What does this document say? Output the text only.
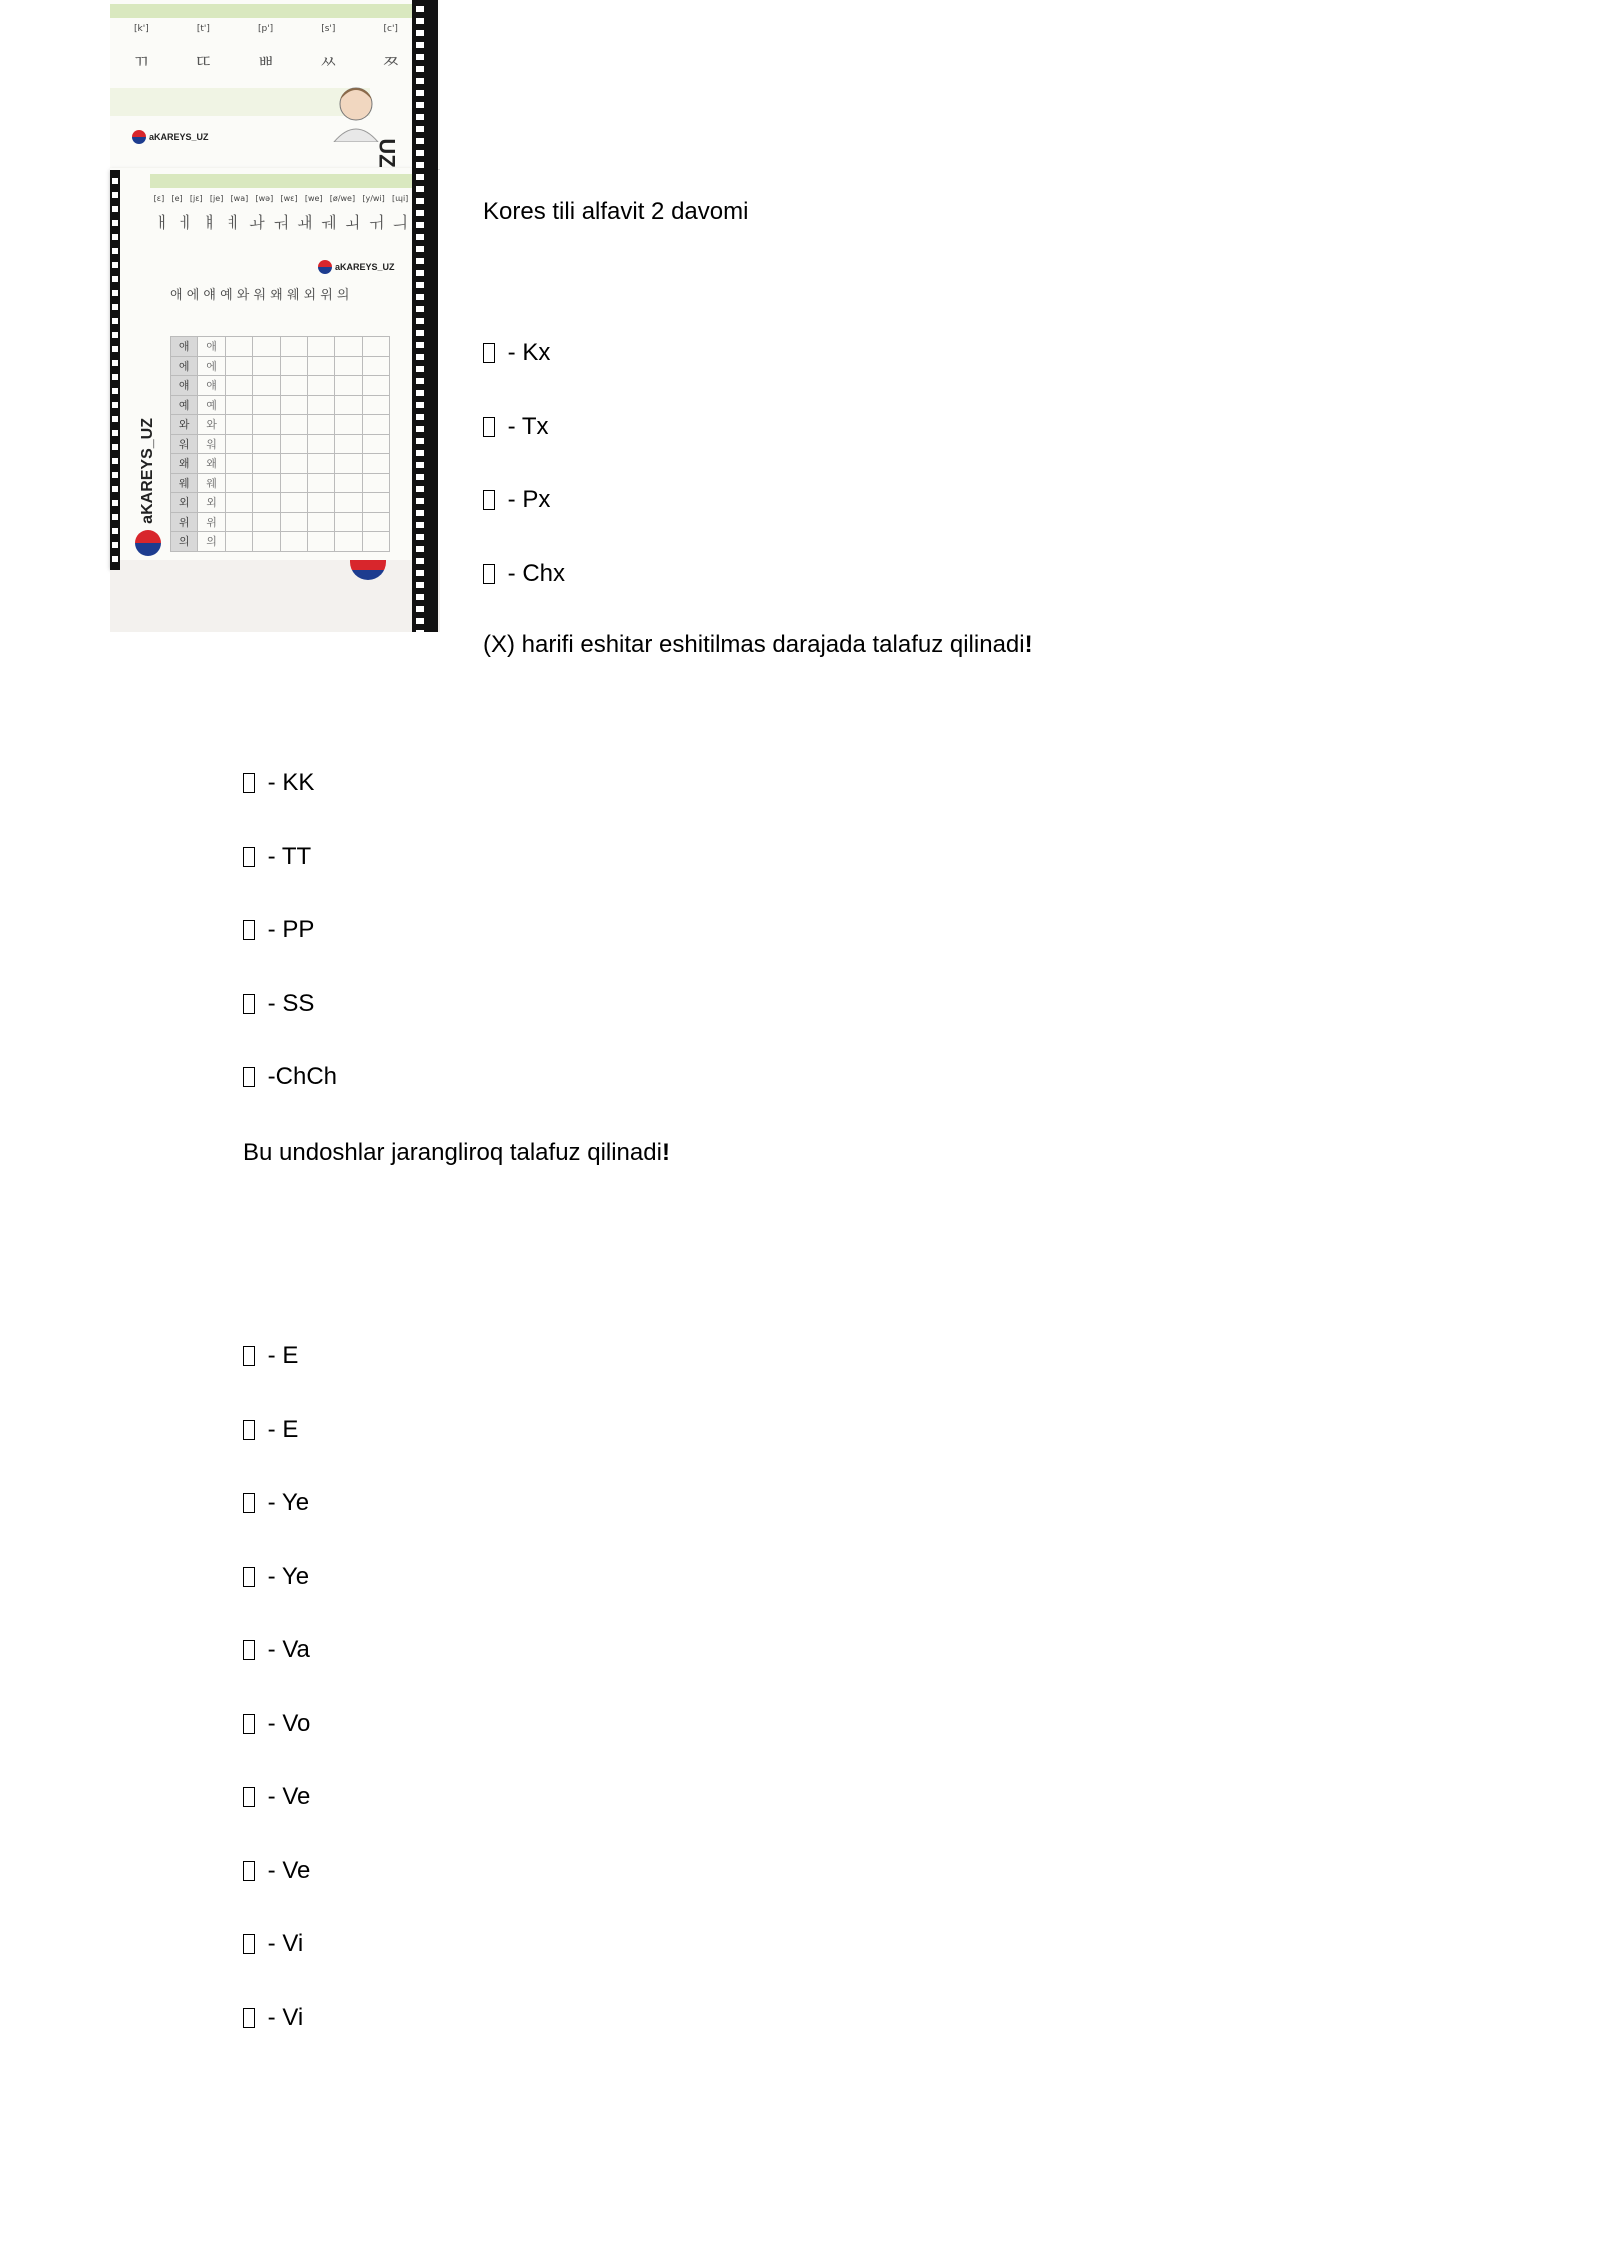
[k']	[t']	[p']	[s']	[c']
ㄲ	ㄸ	ㅃ	ㅆ	ㅉ
aKAREYS_UZ
UZ
[ɛ] [e] [jɛ] [je] [wa] [wə] [wɛ] [we] [ø/we] [y/wi] [ɰi]
ㅐ ㅔ ㅒ ㅖ ㅘ ㅝ ㅙ ㅞ ㅚ ㅟ ㅢ
aKAREYS_UZ
애 에 얘 예 와 워 왜 웨 외 위 의
aKAREYS_UZ
애	애						
에	에						
얘	얘						
예	예						
와	와						
워	워						
왜	왜						
웨	웨						
외	외						
위	위						
의	의						
Kores tili alfavit 2 davomi
- Kx
- Tx
- Px
- Chx
(X) harifi eshitar eshitilmas darajada talafuz qilinadi!
- KK
- TT
- PP
- SS
-ChCh
Bu undoshlar jarangliroq talafuz qilinadi!
- E
- E
- Ye
- Ye
- Va
- Vo
- Ve
- Ve
- Vi
- Vi
